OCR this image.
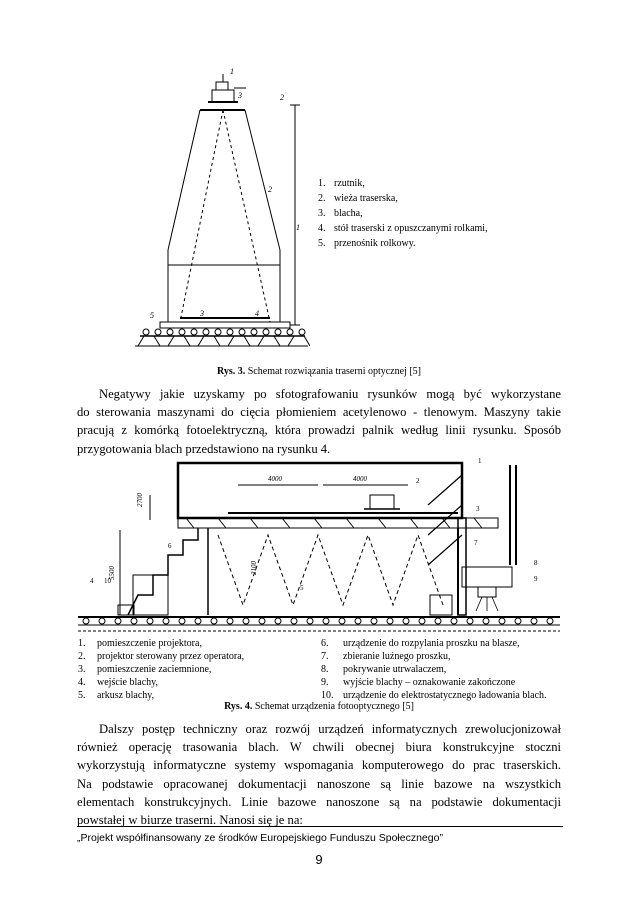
1
2
3	4
5
1
2
3
1. rzutnik,
2. wieża traserska,
3. blacha,
4. stół traserski z opuszczanymi rolkami,
5. przenośnik rolkowy.
Rys. 3. Schemat rozwiązania traserni optycznej [5]
Negatywy jakie uzyskamy po sfotografowaniu rysunków mogą być wykorzystane
do sterowania maszynami do cięcia płomieniem acetylenowo - tlenowym. Maszyny takie
pracują z komórką fotoelektryczną, która prowadzi palnik według linii rysunku. Sposób
przygotowania blach przedstawiono na rysunku 4.
4000	4000
2700
5500	2100
1
2
3
4
5
6	7
8
9
10
1. pomieszczenie projektora,
2. projektor sterowany przez operatora,
3. pomieszczenie zaciemnione,
4. wejście blachy,
5. arkusz blachy,
6. urządzenie do rozpylania proszku na blasze,
7. zbieranie luźnego proszku,
8. pokrywanie utrwalaczem,
9. wyjście blachy – oznakowanie zakończone
10. urządzenie do elektrostatycznego ładowania blach.
Rys. 4. Schemat urządzenia fotooptycznego [5]
Dalszy postęp techniczny oraz rozwój urządzeń informatycznych zrewolucjonizował
również operację trasowania blach. W chwili obecnej biura konstrukcyjne stoczni
wykorzystują informatyczne systemy wspomagania komputerowego do prac traserskich.
Na podstawie opracowanej dokumentacji nanoszone są linie bazowe na wszystkich
elementach konstrukcyjnych. Linie bazowe nanoszone są na podstawie dokumentacji
powstałej w biurze traserni. Nanosi się je na:
„Projekt współfinansowany ze środków Europejskiego Funduszu Społecznego”
9
